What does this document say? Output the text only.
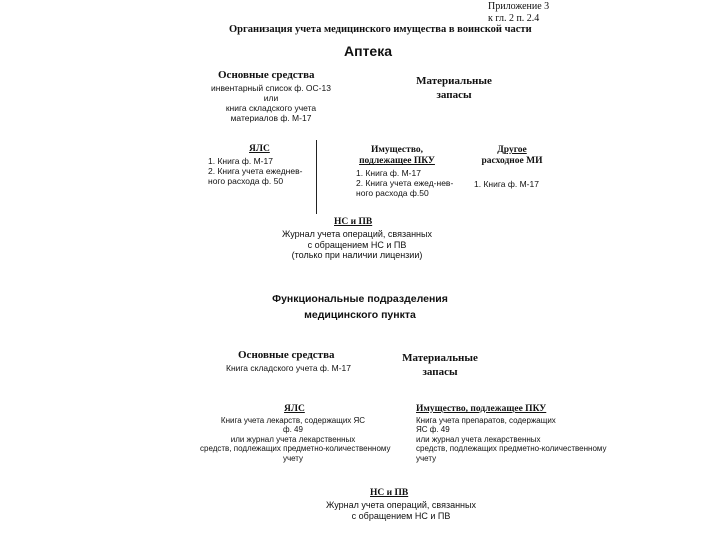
Приложение 3
к гл. 2 п. 2.4
Организация учета медицинского имущества в воинской части
Аптека
Основные средства
инвентарный список ф. ОС-13
или
книга складского учета
материалов ф. М-17
Материальные
запасы
ЯЛС
1. Книга ф. М-17
2. Книга учета ежеднев-
ного расхода ф. 50
Имущество,
подлежащее ПКУ
1. Книга ф. М-17
2. Книга учета ежед-нев-
ного расхода ф.50
Другое
расходное МИ
1. Книга ф. М-17
НС и ПВ
Журнал учета операций, связанных
с обращением НС и ПВ
(только при наличии лицензии)
Функциональные подразделения
медицинского пункта
Основные средства
Книга складского учета ф. М-17
Материальные
запасы
ЯЛС
Книга учета лекарств, содержащих ЯС
ф. 49
или журнал учета лекарственных
средств, подлежащих предметно-количественному
учету
Имущество, подлежащее ПКУ
Книга учета препаратов, содержащих
ЯС ф. 49
или журнал учета лекарственных
средств, подлежащих предметно-количественному
учету
НС и ПВ
Журнал учета операций, связанных
с обращением НС и ПВ
